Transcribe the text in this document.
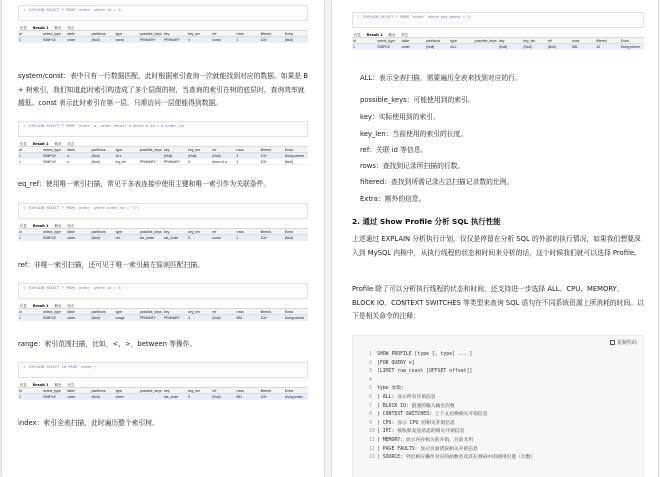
1 EXPLAIN SELECT * FROM `order` where id = 1;
信息 Result 1 概况 状态
id	select_type	table	partitions	type	possible_keys	key	key_len	ref	rows	filtered	Extra
1	SIMPLE	order	(Null)	const	PRIMARY	PRIMARY	4	const	1	100	(Null)
system/const：表中只有一行数据匹配，此时根据索引查询一次就能找到对应的数据。如果是 B + 树索引，我们知道此时索引构造成了多个层级的树，当查询的索引在树的底层时，查询效率就越低。const 表示此时索引在第一层，只需访问一层便能得到数据。
1 EXPLAIN SELECT * FROM `order` o, order_detail d where o.id = d.order_id;
信息 Result 1 概况 状态
id	select_type	table	partitions	type	possible_keys	key	key_len	ref	rows	filtered	Extra
1	SIMPLE	d	(Null)	ALL		(Null)	(Null)	(Null)	3	100	Using where
1	SIMPLE	o	(Null)	eq_ref	PRIMARY	PRIMARY	4	demo.d.o	1	100	(Null)
eq_ref：使用唯一索引扫描，常见于多表连接中使用主键和唯一索引作为关联条件。
1 EXPLAIN SELECT * FROM `order` where order_no = "1";
信息 Result 1 概况 状态
id	select_type	table	partitions	type	possible_keys	key	key_len	ref	rows	filtered	Extra
1	SIMPLE	order	(Null)	ref	idx_order	idx_order	5	const	1	100	(Null)
ref：非唯一索引扫描，还可见于唯一索引最左原则匹配扫描。
1 EXPLAIN SELECT * FROM `order` where id > 5;
信息 Result 1 概况 状态
id	select_type	table	partitions	type	possible_keys	key	key_len	ref	rows	filtered	Extra
1	SIMPLE	order	(Null)	range	PRIMARY	PRIMARY	4	(Null)	580	100	Using where
range：索引范围扫描，比如，<，>，between 等操作。
1 EXPLAIN SELECT id FROM `order`;
信息 Result 1 概况 状态
id	select_type	table	partitions	type	possible_keys	key	key_len	ref	rows	filtered	Extra
1	SIMPLE	order	(Null)	index		idx_order	5	(Null)	581	100	Using index
index：索引全表扫描，此时遍历整个索引树。
1 EXPLAIN SELECT * FROM `order` where pay_money = 1;
信息 Result 1 概况 状态
id	select_type	table	partitions	type	possible_keys	key	key_len	ref	rows	filtered	Extra
1	SIMPLE	order	(Null)	ALL		(Null)	(Null)	(Null)	581	10	Using where
ALL：表示全表扫描，需要遍历全表来找到对应的行。
possible_keys：可能使用到的索引。
key：实际使用到的索引。
key_len：当前使用的索引的长度。
ref：关联 id 等信息。
rows：查找到记录所扫描的行数。
filtered：查找到所需记录占总扫描记录数的比例。
Extra：额外的信息。
2. 通过 Show Profile 分析 SQL 执行性能
上述通过 EXPLAIN 分析执行计划，仅仅是停留在分析 SQL 的外部的执行情况，如果我们想要深入到 MySQL 内核中，从执行线程的状态和时间来分析的话，这个时候我们就可以选择 Profile。
Profile 除了可以分析执行线程的状态和时间，还支持进一步选择 ALL、CPU、MEMORY、BLOCK IO、CONTEXT SWITCHES 等类型来查询 SQL 语句在不同系统资源上所消耗的时间。以下是相关命令的注释：
复制代码
1 SHOW PROFILE [type [, type] ... ]
2 [FOR QUERY n]
3 [LIMIT row_count [OFFSET offset]]
4
5 type 参数:
6 | ALL: 显示所有开销信息
7 | BLOCK IO: 阻塞的输入输出次数
8 | CONTEXT SWITCHES: 上下文切换相关开销信息
9 | CPU: 显示 CPU 的相关开销信息
10 | IPC: 接收和发送消息的相关开销信息
11 | MEMORY: 显示内存相关的开销，目前无用
12 | PAGE FAULTS: 显示页面错误相关开销信息
13 | SOURCE: 列出相应操作对应的函数名及其在源码中的调用位置（行数）
